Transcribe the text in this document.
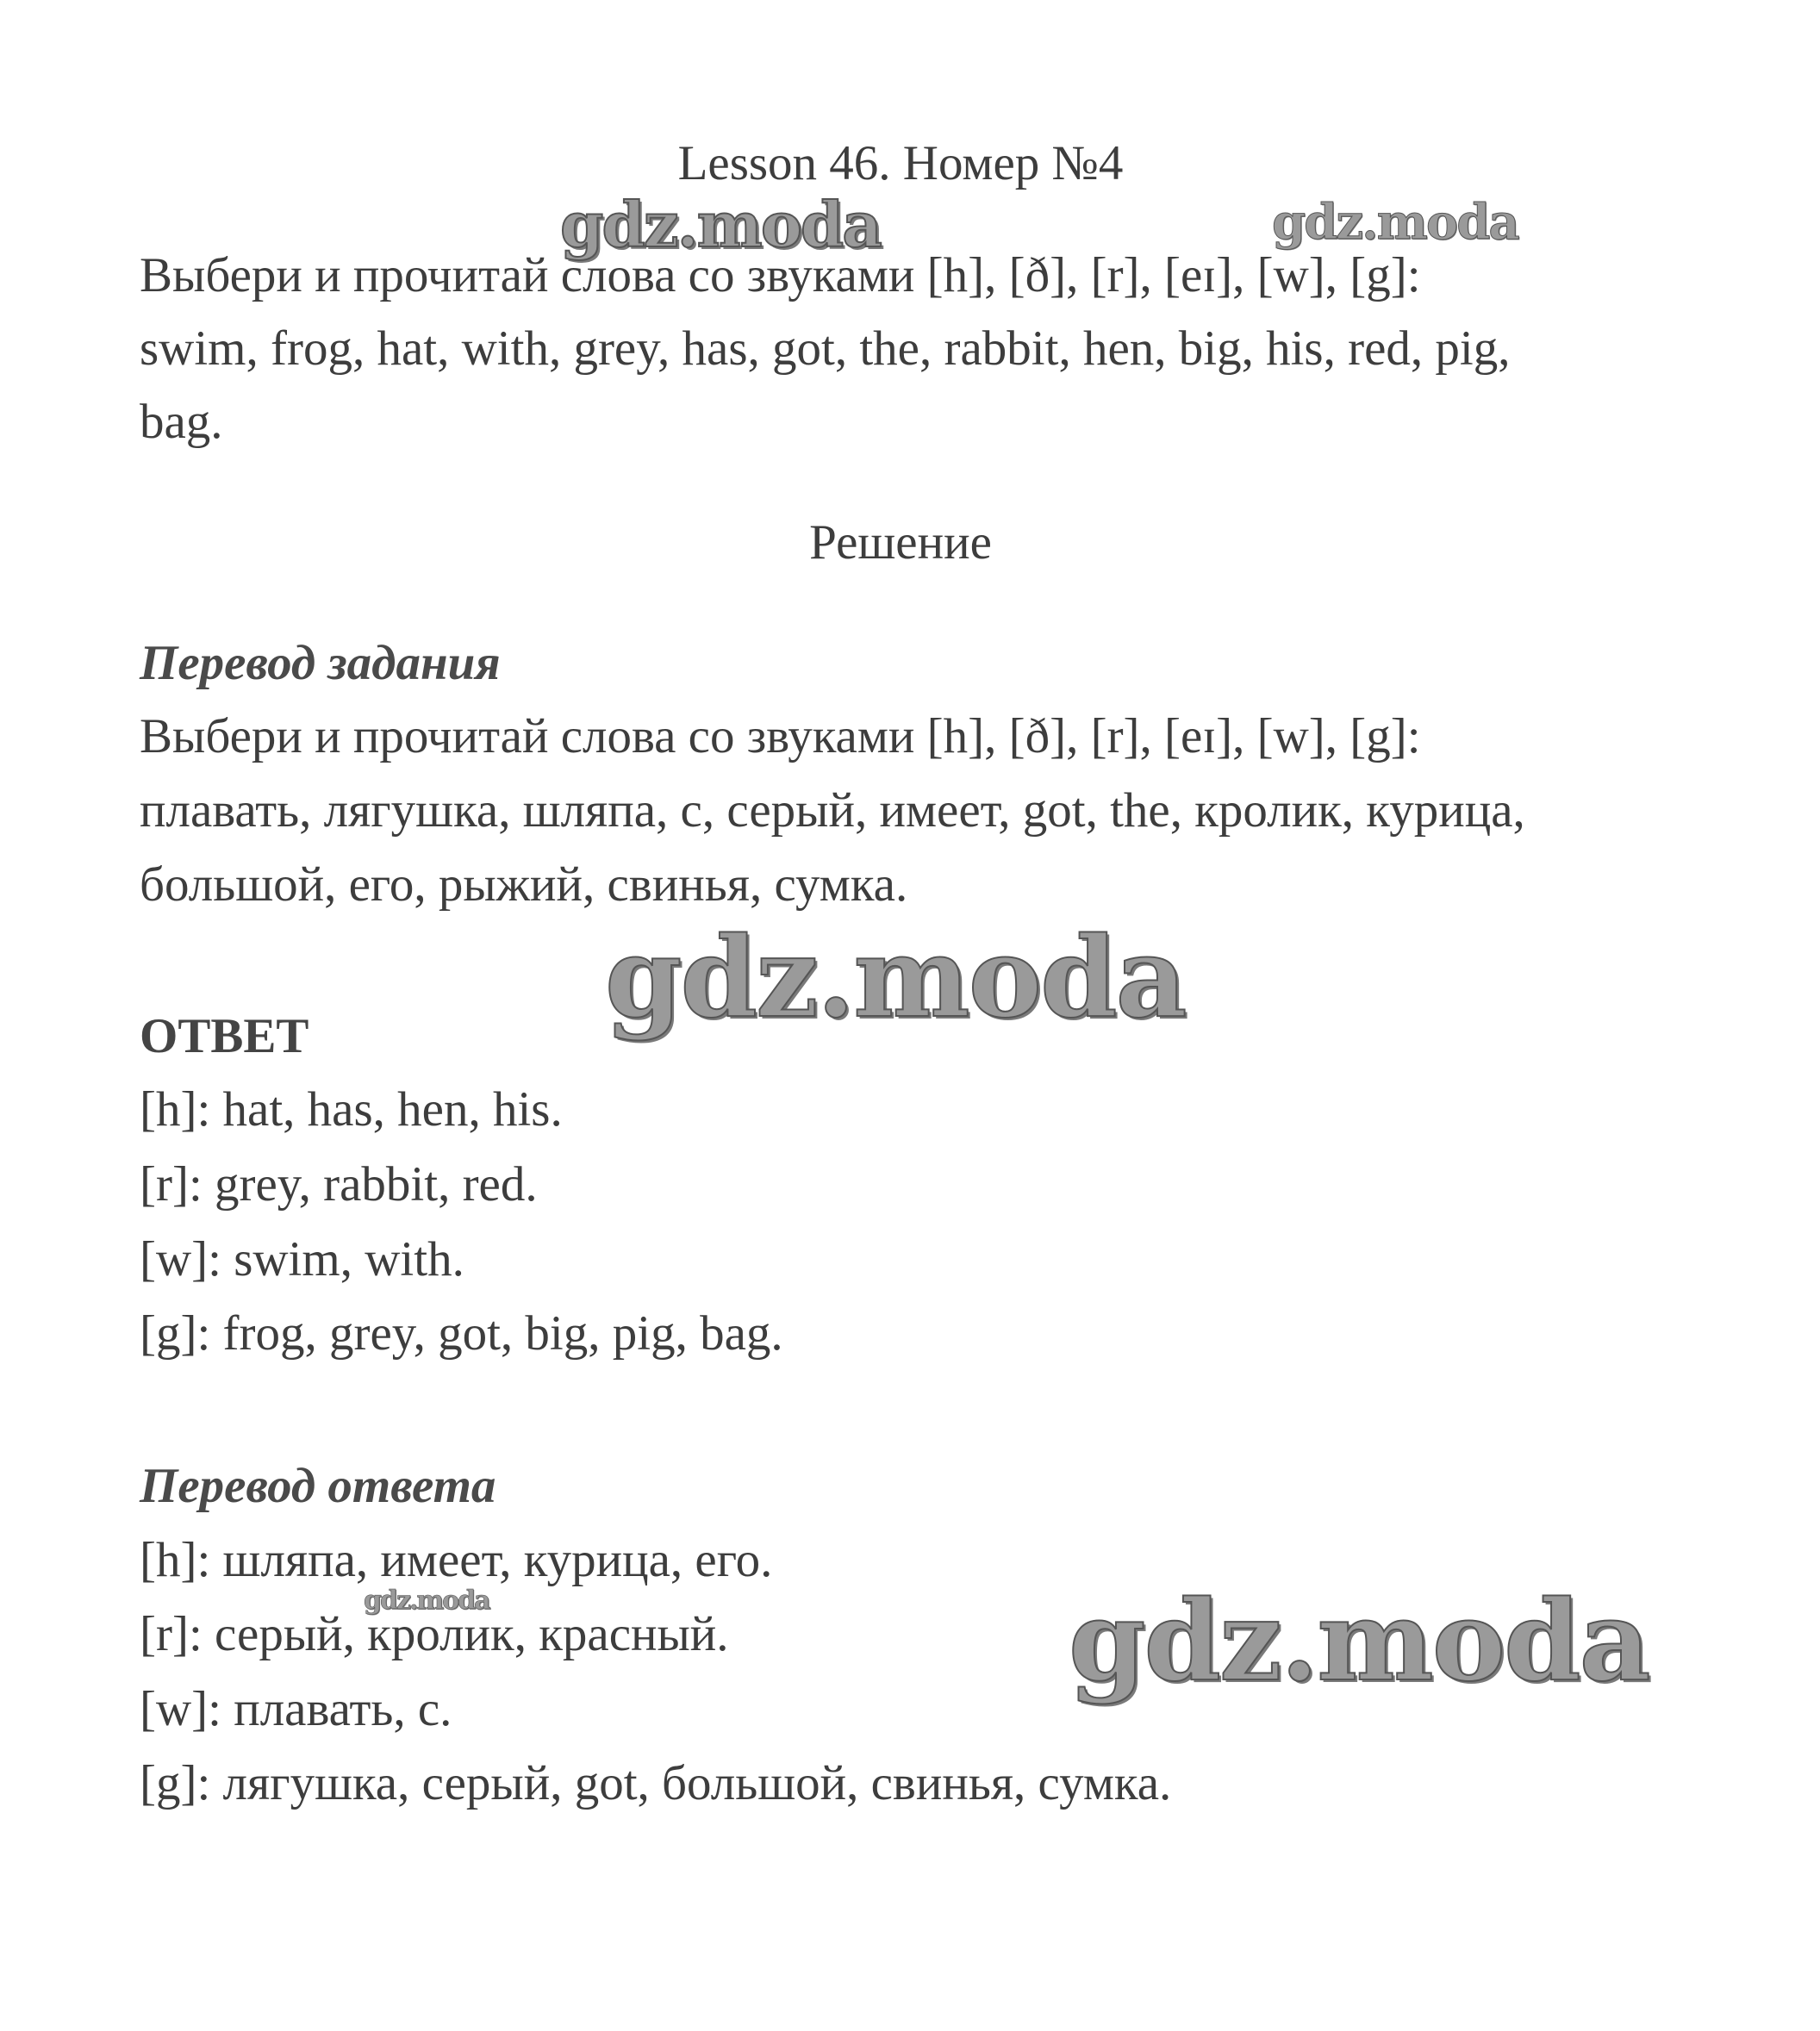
Lesson 46. Номер №4
Выбери и прочитай слова со звуками [h], [ð], [r], [eɪ], [w], [g]:
swim, frog, hat, with, grey, has, got, the, rabbit, hen, big, his, red, pig,
bag.
Решение
Перевод задания
Выбери и прочитай слова со звуками [h], [ð], [r], [eɪ], [w], [g]:
плавать, лягушка, шляпа, с, серый, имеет, got, the, кролик, курица,
большой, его, рыжий, свинья, сумка.
ОТВЕТ
[h]: hat, has, hen, his.
[r]: grey, rabbit, red.
[w]: swim, with.
[g]: frog, grey, got, big, pig, bag.
Перевод ответа
[h]: шляпа, имеет, курица, его.
[r]: серый, кролик, красный.
[w]: плавать, с.
[g]: лягушка, серый, got, большой, свинья, сумка.
gdz.moda	gdz.moda
gdz.moda
gdz.moda	gdz.moda
